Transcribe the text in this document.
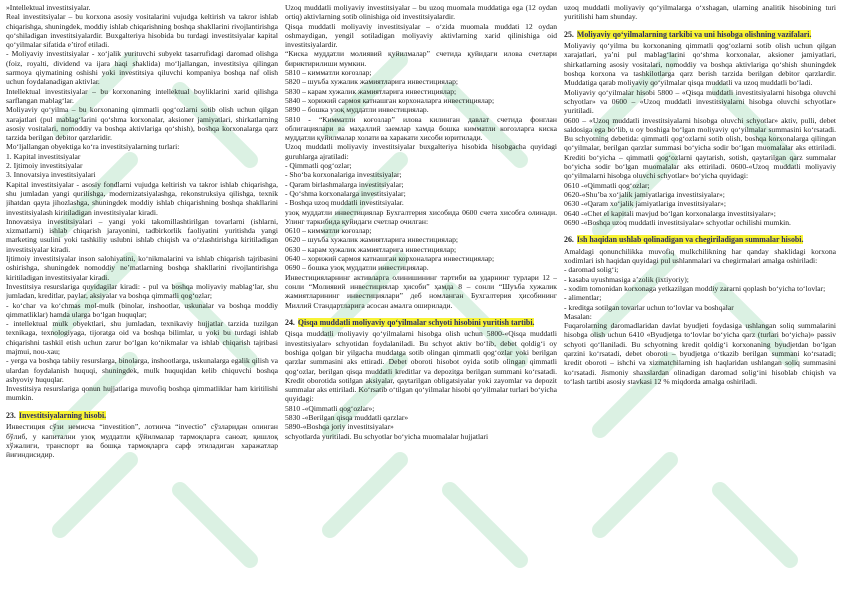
»Intellektual investitsiyalar.

Real investitsiyalar – bu korxona asosiy vositalarini vujudga keltirish va takror ishlab chiqarishga, shuningdek, moddiy ishlab chiqarishning boshqa shakllarini rivojlantirishga qo‘shiladigan investitsiyalardir. Buxgalteriya hisobida bu turdagi investitsiyalar kapital qo‘yilmalar sifatida e’tirof etiladi.

- Moliyaviy investitsiyalar - xo‘jalik yurituvchi subyekt tasarrufidagi daromad olishga (foiz, royalti, dividend va ijara haqi shaklida) mo‘ljallangan, investitsiya qilingan sarmoya qiymatining oshishi yoki investitsiya qiluvchi kompaniya boshqa naf olish uchun foydalanadigan aktivlar.

Intellektual investitsiyalar – bu korxonaning intellektual boyliklarini xarid qilishga sarflangan mablag‘lar.

Moliyaviy qo‘yilma – bu korxonaning qimmatli qog‘ozlarni sotib olish uchun qilgan xarajatlari (pul mablag‘larini qo‘shma korxonalar, aksioner jamiyatlari, shirkatlarning asosiy vositalari, nomoddiy va boshqa aktivlariga qo‘shish), boshqa korxonalarga qarz tarzida berilgan debitor qarzlaridir.

Mo‘ljallangan obyektiga ko‘ra investitsiyalarning turlari:

1. Kapital investitsiyalar

2. Ijtimoiy investitsiyalar

3. Innovatsiya investitsiyalari

Kapital investitsiyalar - asosiy fondlarni vujudga keltirish va takror ishlab chiqarishga, shu jumladan yangi qurilishga, modernizatsiyalashga, rekonstruksiya qilishga, texnik jihatdan qayta jihozlashga, shuningdek moddiy ishlab chiqarishning boshqa shakllarini investitsiyalash kiritiladigan investitsiyalar kiradi.

Innovatsiya investitsiyalari – yangi yoki takomillashtirilgan tovarlarni (ishlarni, xizmatlarni) ishlab chiqarish jarayonini, tadbirkorlik faoliyatini yuritishda yangi marketing usulini yoki tashkiliy uslubni ishlab chiqish va o‘zlashtirishga kiritiladigan investitsiyalar kiradi.

Ijtimoiy investitsiyalar inson salohiyatini, ko‘nikmalarini va ishlab chiqarish tajribasini oshirishga, shuningdek nomoddiy ne’matlarning boshqa shakllarini rivojlantirishga kiritiladigan investitsiyalar kiradi.

Investitsiya resurslariga quyidagilar kiradi: - pul va boshqa moliyaviy mablag‘lar, shu jumladan, kreditlar, paylar, aksiyalar va boshqa qimmatli qog‘ozlar;

- ko‘char va ko‘chmas mol-mulk (binolar, inshootlar, uskunalar va boshqa moddiy qimmatliklar) hamda ularga bo‘lgan huquqlar;

- intellektual mulk obyektlari, shu jumladan, texnikaviy hujjatlar tarzida tuzilgan texnikaga, texnologiyaga, tijoratga oid va boshqa bilimlar, u yoki bu turdagi ishlab chiqarishni tashkil etish uchun zarur bo‘lgan ko‘nikmalar va ishlab chiqarish tajribasi majmui, nou-xau;

- yerga va boshqa tabiiy resurslarga, binolarga, inshootlarga, uskunalarga egalik qilish va ulardan foydalanish huquqi, shuningdek, mulk huquqidan kelib chiquvchi boshqa ashyoviy huquqlar.

Investitsiya resurslariga qonun hujjatlariga muvofiq boshqa qimmatliklar ham kiritilishi mumkin.

23. Investitsiyalarning hisobi.

Инвестиция сўзи немисча “investition”, лотинча “invectio” сўзларидан олинган бўлиб, у капитални узоқ муддатли қўйилмалар тармоқларга саноат, қишлоқ хўжалиги, транспорт ва бошқа тармоқларга сарф этиладиган харажатлар йиғиндисидир.

Uzoq muddatli moliyaviy investitsiyalar – bu uzoq muomala muddatiga ega (12 oydan ortiq) aktivlarning sotib olinishiga oid investitsiyalardir.

Qisqa muddatli moliyaviy investitsiyalar – o‘zida muomala muddati 12 oydan oshmaydigan, yengil sotiladigan moliyaviy aktivlarning xarid qilinishiga oid investitsiyalardir.

“Киска муддатли молиявий қуйилмалар” счетида қуйидаги иловa счетлари бириктирилиши мумкин.

5810 – киммaтли коғозлар;

5820 – шуъба хужалик жамиятларига инвестициялар;

5830 – карам хужалик жамиятларига инвестициялар;

5840 – хорижий сармоя катнашган корхоналарга инвестициялар;

5890 – бошка узоқ муддатли инвестициялар.

5810 - “Киммaтли коғозлар” иловa килинган давлат счетида фонглан облигациялари ва маҳаллий заемлар хамда бошка кимматли когозларга киска муддатли қуйилмалар холати ва харакати хисоби юритилади.

Uzoq muddatli moliyaviy investitsiyalar buxgalteriya hisobida hisobgacha quyidagi guruhlarga ajratiladi:

- Qimmatli qog‘ozlar;

- Sho‘ba korxonalariga investitsiyalar;

- Qaram birlashmalarga investitsiyalar;

- Qo‘shma korxonalarga investitsiyalar;

- Boshqa uzoq muddatli investitsiyalar.

узоқ муддатли инвестициялар Бухгалтерия хисобида 0600 счета хисобга олинади. Улинг таркибида қуйидаги счетлар очилган:

0610 – киммaтли коғозлар;

0620 – шуъба хужалик жамиятларига инвестициялар;

0630 – карам хужалик жамиятларига инвестициялар;

0640 – хорижий сармоя катнашган корхоналарга инвестициялар;

0690 – бошка узоқ муддатли инвестициялар.

Инвестицияларнинг активларга олинишининг тартиби ва ударнинг турлари 12 – сонли “Молиявий инвестициялар ҳисоби” ҳамда 8 – сонли “Шуъба хужалик жамиятларининг инвестициялари” деб номланган Бухгалтерия ҳисобининг Миллий Стандартларига асосан амалга оширилади.

24. Qisqa muddatli moliyaviy qo‘yilmalar schyoti hisobini yuritish tartibi.

Qisqa muddatli moliyaviy qo‘yilmalarni hisobga olish uchun 5800-«Qisqa muddatli investitsiyalar» schyotidan foydalaniladi. Bu schyot aktiv bo‘lib, debet qoldig‘i oy boshiga qolgan bir yilgacha muddatga sotib olingan qimmatli qog‘ozlar yoki berilgan qarzlar summasini aks ettiradi. Debet oboroti hisobot oyida sotib olingan qimmatli qog‘ozlar, berilgan qisqa muddatli kreditlar va depozitga berilgan summani ko‘rsatadi. Kredit oborotida sotilgan aksiyalar, qaytarilgan obligatsiyalar yoki zayomlar va depozit summalar aks ettiriladi. Ko‘rsatib o‘tilgan qo‘yilmalar hisobi qo‘yilmalar turlari bo‘yicha quyidagi:

5810 -«Qimmatli qog‘ozlar»;

5830 -«Berilgan qisqa muddatli qarzlar»

5890-«Boshqa joriy investitsiyalar»

schyotlarda yuritiladi. Bu schyotlar bo‘yicha muomalalar hujjatlari

uzoq muddatli moliyaviy qo‘yilmalarga o‘xshagan, ularning analitik hisobining turi yuritilishi ham shunday.

25. Moliyaviy qo‘yilmalarning tarkibi va uni hisobga olishning vazifalari.

Moliyaviy qo‘yilma bu korxonaning qimmatli qog‘ozlarni sotib olish uchun qilgan xarajatlari, ya’ni pul mablag‘larini qo‘shma korxonalar, aksioner jamiyatlari, shirkatlarning asosiy vositalari, nomoddiy va boshqa aktivlariga qo‘shish shuningdek boshqa korxona va tashkilotlarga qarz berish tarzida berilgan debitor qarzlardir. Muddatiga qarab moliyaviy qo‘yilmalar qisqa muddatli va uzoq muddatli bo‘ladi.

Moliyaviy qo‘yilmalar hisobi 5800 – «Qisqa muddatli investitsiyalarni hisobga oluvchi schyotlar» va 0600 – «Uzoq muddatli investitsiyalarni hisobga oluvchi schyotlar» yuritiladi.

0600 – «Uzoq muddatli investitsiyalarni hisobga oluvchi schyotlar» aktiv, pulli, debet saldosiga ega bo‘lib, u oy boshiga bo‘lgan moliyaviy qo‘yilmalar summasini ko‘rsatadi. Bu schyotning debetida: qimmatli qog‘ozlarni sotib olish, boshqa korxonalarga qilingan qo‘yilmalar, berilgan qarzlar summasi bo‘yicha sodir bo‘lgan muomalalar aks ettiriladi. Krediti bo‘yicha – qimmatli qog‘ozlarni qaytarish, sotish, qaytarilgan qarz summalar bo‘yicha sodir bo‘lgan muomalalar aks ettiriladi. 0600-«Uzoq muddatli moliyaviy qo‘yilmalarni hisobga oluvchi schyotlar» bo‘yicha quyidagi:

0610 -«Qimmatli qog‘ozlar;

0620-«Shu’ba xo‘jalik jamiyatlariga investitsiyalar»;

0630 -«Qaram xo‘jalik jamiyatlariga investitsiyalar»;

0640 -«Chet el kapitali mavjud bo‘lgan korxonalarga investitsiyalar»;

0690 -«Boshqa uzoq muddatli investitsiyalar» schyotlar ochilishi mumkin.

26. Ish haqidan ushlab qolinadigan va chegiriladigan summalar hisobi.

Amaldagi qonunchilikka muvofiq mulkchilikning har qanday shaklidagi korxona xodimlari ish haqidan quyidagi pul ushlanmalari va chegirmalari amalga oshiriladi:

- daromad solig‘i;

- kasaba uyushmasiga a’zolik (ixtiyoriy);

- xodim tomonidan korxonaga yetkazilgan moddiy zararni qoplash bo‘yicha to‘lovlar;

- alimentlar;

- kreditga sotilgan tovarlar uchun to‘lovlar va boshqalar

Masalan:

Fuqarolarning daromadlaridan davlat byudjeti foydasiga ushlangan soliq summalarini hisobga olish uchun 6410 «Byudjetga to‘lovlar bo‘yicha qarz (turlari bo‘yicha)» passiv schyoti qo‘llaniladi. Bu schyotning kredit qoldig‘i korxonaning byudjetdan bo‘lgan qarzini ko‘rsatadi, debet oboroti – byudjetga o‘tkazib berilgan summani ko‘rsatadi; kredit oboroti – ishchi va xizmatchilarning ish haqlaridan ushlangan soliq summasini ko‘rsatadi. Jismoniy shaxslardan olinadigan daromad solig‘ini hisoblab chiqish va to‘lash tartibi asosiy stavkasi 12 % miqdorda amalga oshiriladi.
